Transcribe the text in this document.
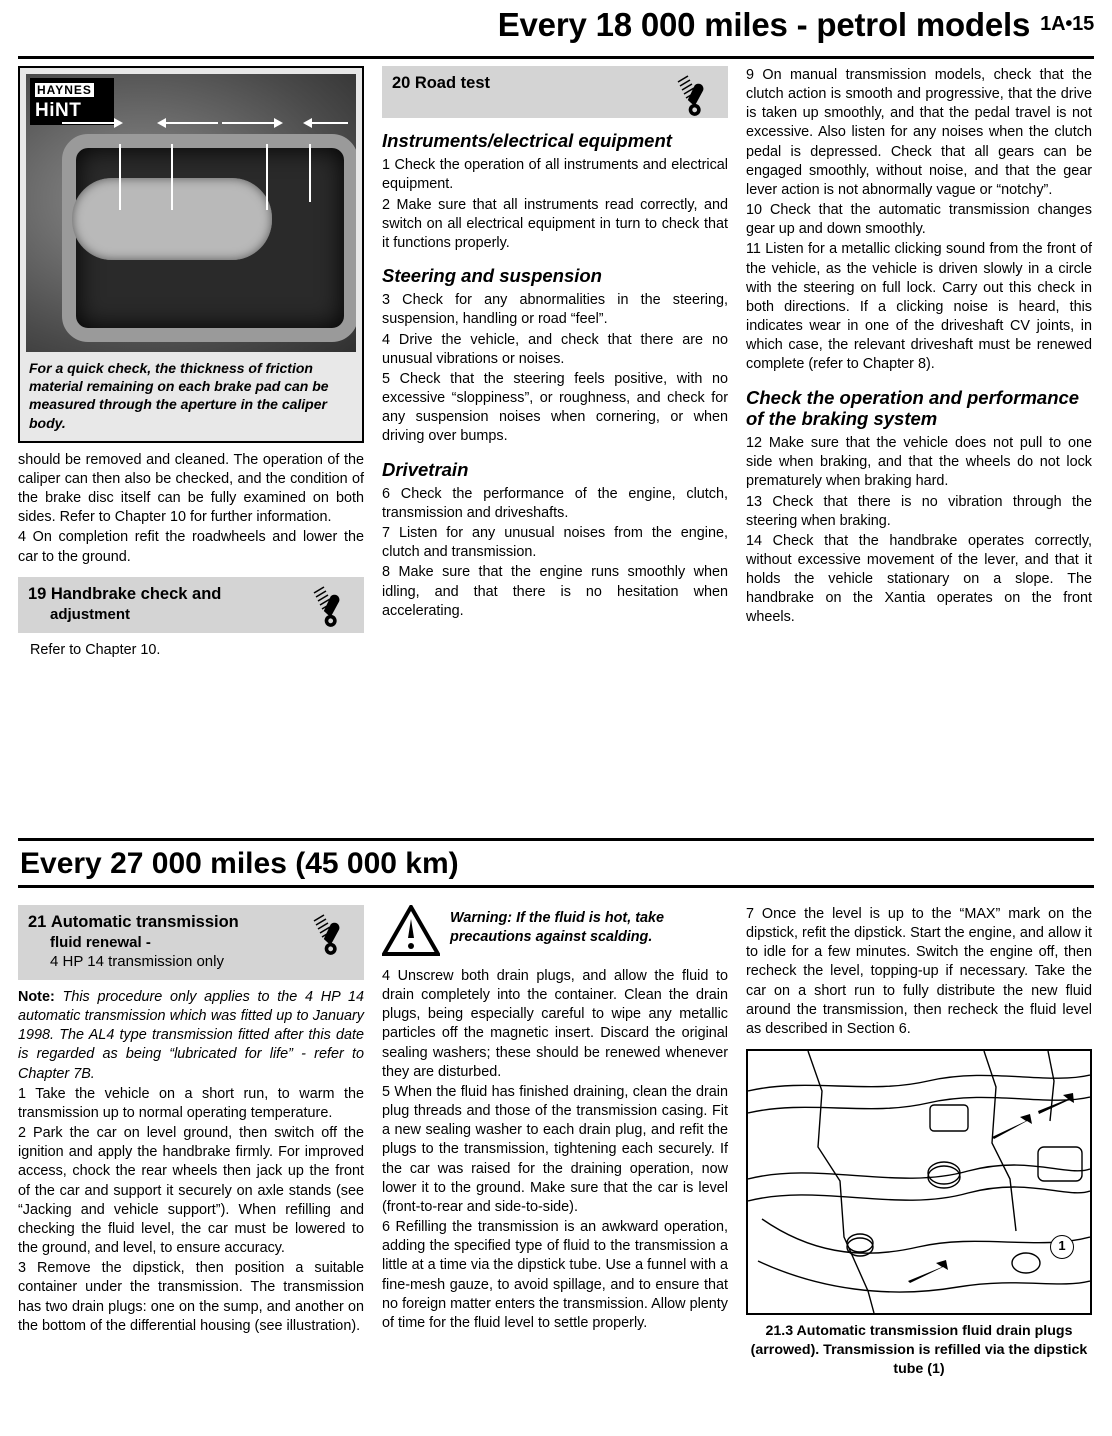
Every 18 000 miles - petrol models 1A•15
HAYNES
HiNT
For a quick check, the thickness of friction material remaining on each brake pad can be measured through the aperture in the caliper body.

should be removed and cleaned. The operation of the caliper can then also be checked, and the condition of the brake disc itself can be fully examined on both sides. Refer to Chapter 10 for further information.

4 On completion refit the roadwheels and lower the car to the ground.

19 Handbrake check and
adjustment

Refer to Chapter 10.

20 Road test
Instruments/electrical equipment

1 Check the operation of all instruments and electrical equipment.

2 Make sure that all instruments read correctly, and switch on all electrical equipment in turn to check that it functions properly.

Steering and suspension

3 Check for any abnormalities in the steering, suspension, handling or road “feel”.

4 Drive the vehicle, and check that there are no unusual vibrations or noises.

5 Check that the steering feels positive, with no excessive “sloppiness”, or roughness, and check for any suspension noises when cornering, or when driving over bumps.

Drivetrain

6 Check the performance of the engine, clutch, transmission and driveshafts.

7 Listen for any unusual noises from the engine, clutch and transmission.

8 Make sure that the engine runs smoothly when idling, and that there is no hesitation when accelerating.

9 On manual transmission models, check that the clutch action is smooth and progressive, that the drive is taken up smoothly, and that the pedal travel is not excessive. Also listen for any noises when the clutch pedal is depressed. Check that all gears can be engaged smoothly, without noise, and that the gear lever action is not abnormally vague or “notchy”.

10 Check that the automatic transmission changes gear up and down smoothly.

11 Listen for a metallic clicking sound from the front of the vehicle, as the vehicle is driven slowly in a circle with the steering on full lock. Carry out this check in both directions. If a clicking noise is heard, this indicates wear in one of the driveshaft CV joints, in which case, the relevant driveshaft must be renewed complete (refer to Chapter 8).

Check the operation and performance of the braking system

12 Make sure that the vehicle does not pull to one side when braking, and that the wheels do not lock prematurely when braking hard.

13 Check that there is no vibration through the steering when braking.

14 Check that the handbrake operates correctly, without excessive movement of the lever, and that it holds the vehicle stationary on a slope. The handbrake on the Xantia operates on the front wheels.

Every 27 000 miles (45 000 km)
21 Automatic transmission
fluid renewal -
4 HP 14 transmission only

Note: This procedure only applies to the 4 HP 14 automatic transmission which was fitted up to January 1998. The AL4 type transmission fitted after this date is regarded as being “lubricated for life” - refer to Chapter 7B.

1 Take the vehicle on a short run, to warm the transmission up to normal operating temperature.

2 Park the car on level ground, then switch off the ignition and apply the handbrake firmly. For improved access, chock the rear wheels then jack up the front of the car and support it securely on axle stands (see “Jacking and vehicle support”). When refilling and checking the fluid level, the car must be lowered to the ground, and level, to ensure accuracy.

3 Remove the dipstick, then position a suitable container under the transmission. The transmission has two drain plugs: one on the sump, and another on the bottom of the differential housing (see illustration).

Warning: If the fluid is hot, take precautions against scalding.

4 Unscrew both drain plugs, and allow the fluid to drain completely into the container. Clean the drain plugs, being especially careful to wipe any metallic particles off the magnetic insert. Discard the original sealing washers; these should be renewed whenever they are disturbed.

5 When the fluid has finished draining, clean the drain plug threads and those of the transmission casing. Fit a new sealing washer to each drain plug, and refit the plugs to the transmission, tightening each securely. If the car was raised for the draining operation, now lower it to the ground. Make sure that the car is level (front-to-rear and side-to-side).

6 Refilling the transmission is an awkward operation, adding the specified type of fluid to the transmission a little at a time via the dipstick tube. Use a funnel with a fine-mesh gauze, to avoid spillage, and to ensure that no foreign matter enters the transmission. Allow plenty of time for the fluid level to settle properly.

7 Once the level is up to the “MAX” mark on the dipstick, refit the dipstick. Start the engine, and allow it to idle for a few minutes. Switch the engine off, then recheck the level, topping-up if necessary. Take the car on a short run to fully distribute the new fluid around the transmission, then recheck the fluid level as described in Section 6.

1
21.3 Automatic transmission fluid drain plugs (arrowed). Transmission is refilled via the dipstick tube (1)
